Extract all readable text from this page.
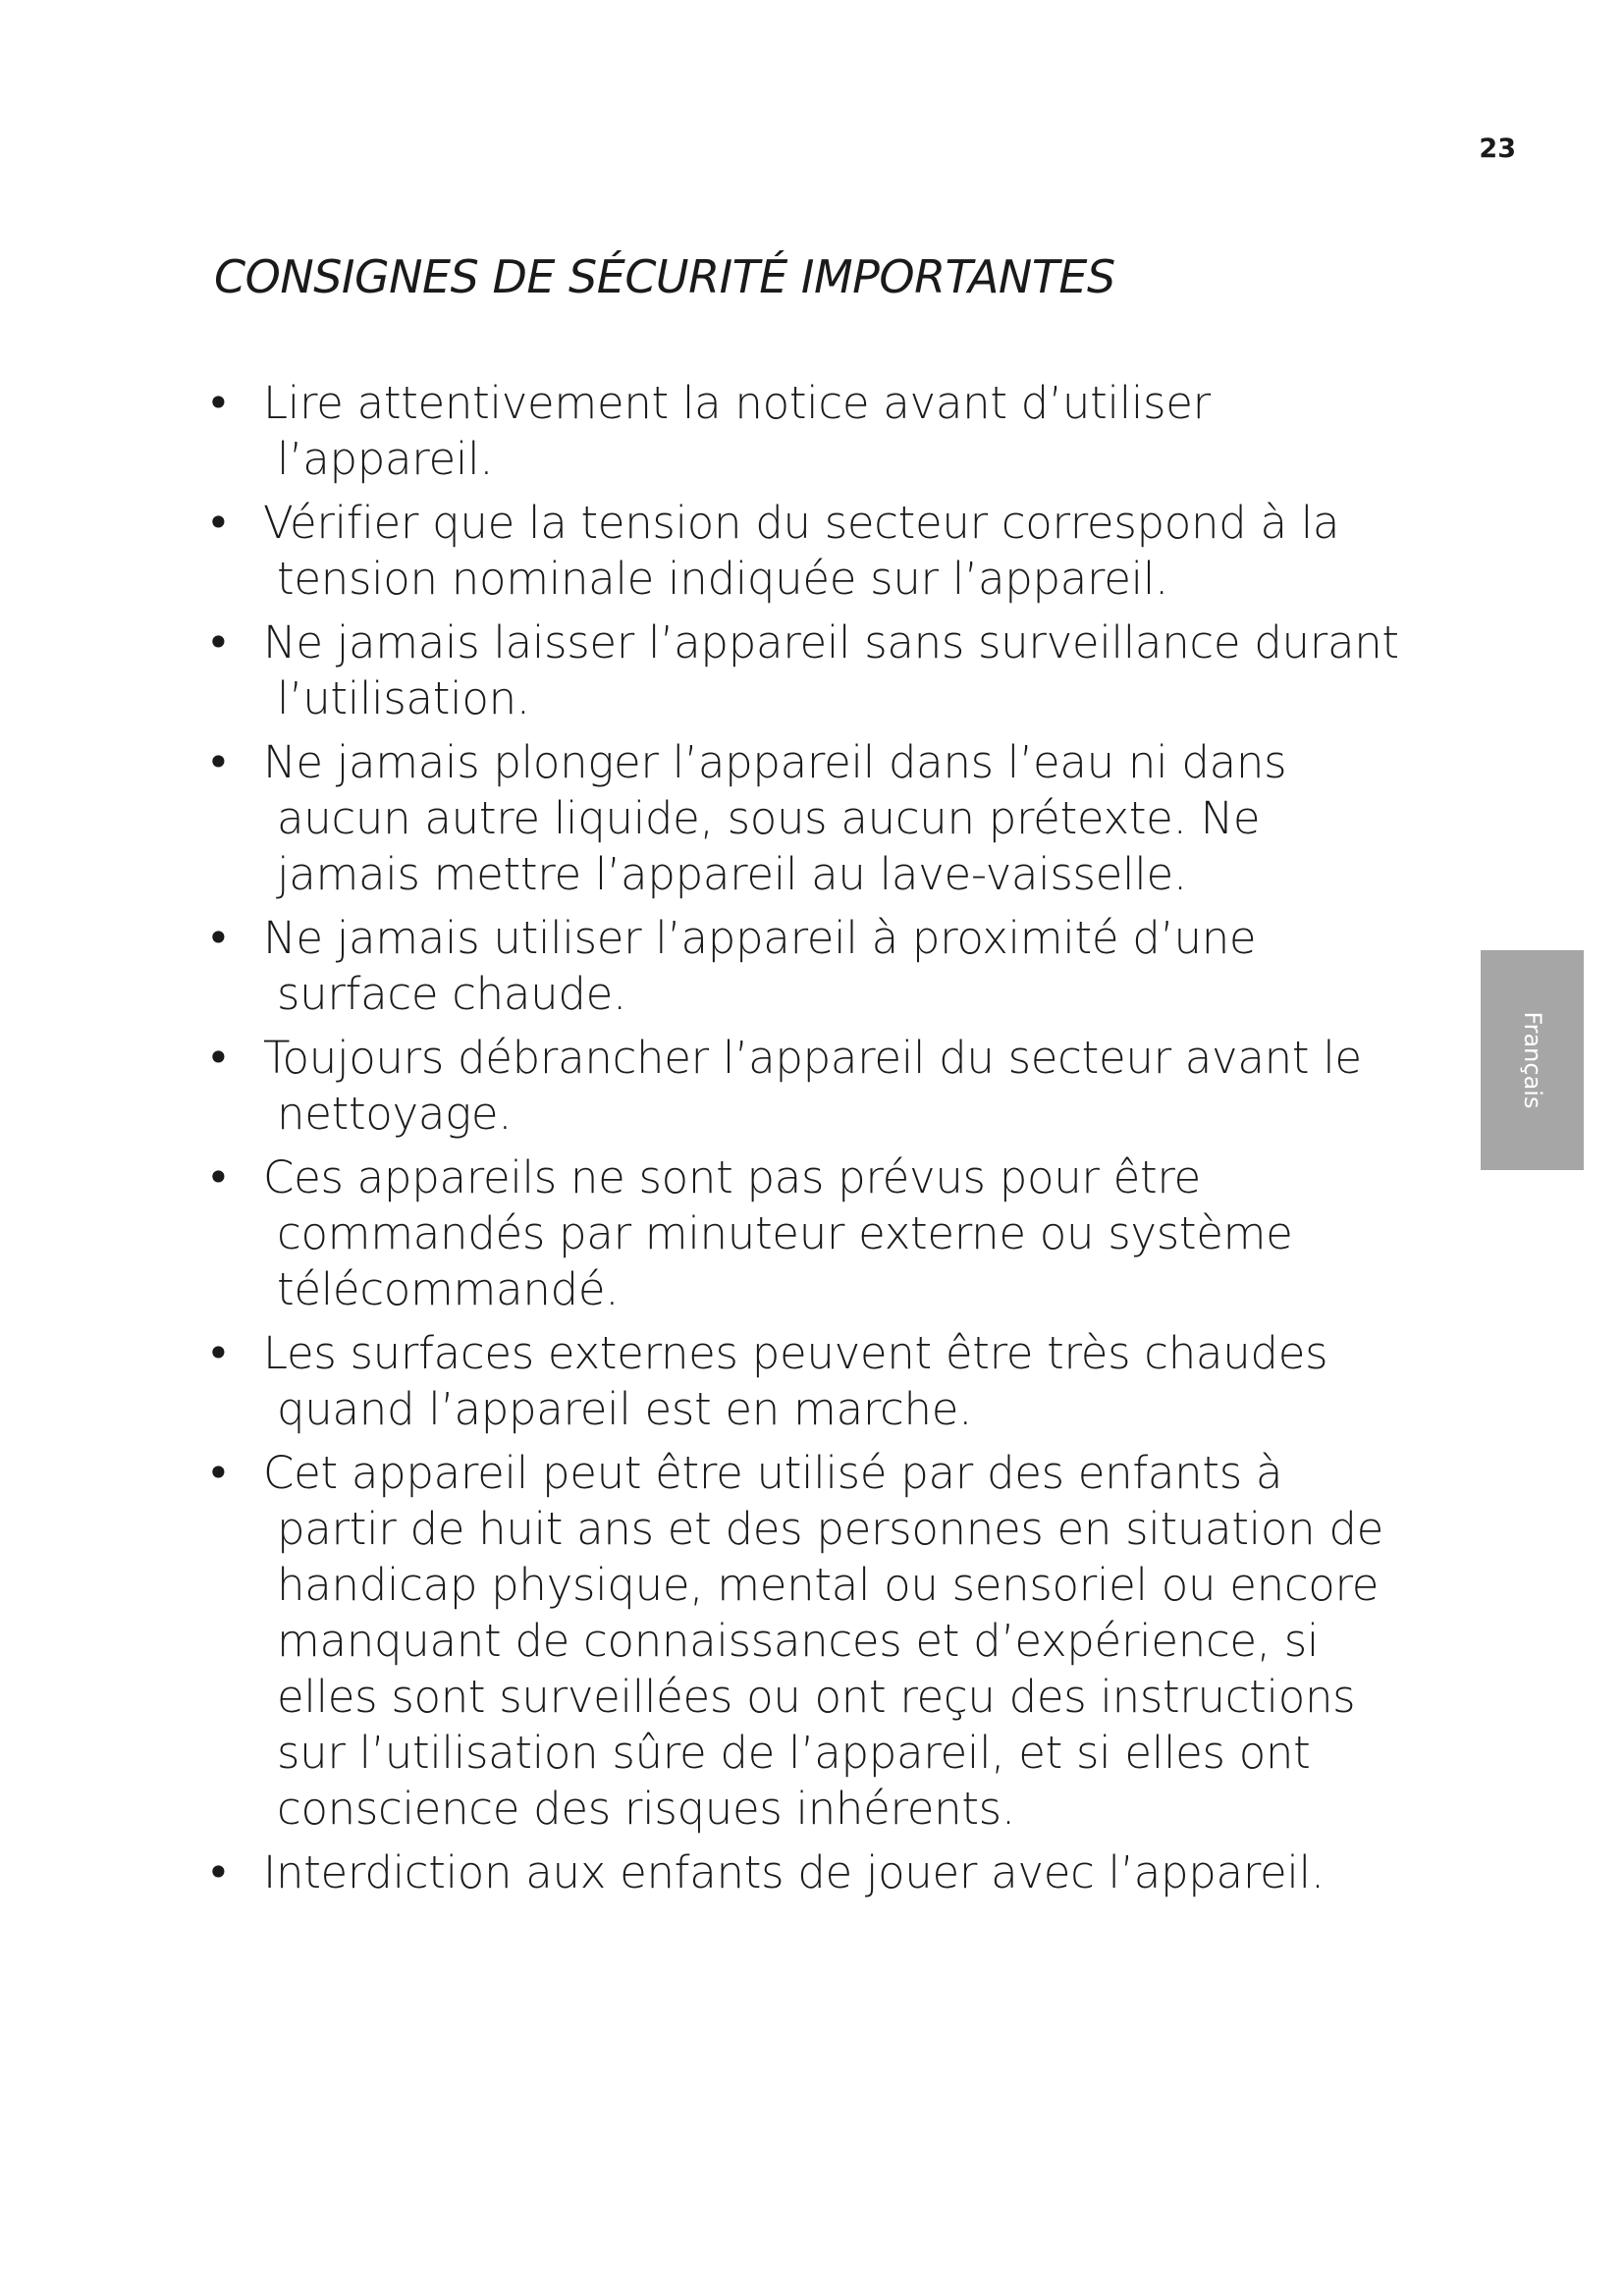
23
CONSIGNES DE SÉCURITÉ IMPORTANTES
• Lire attentivement la notice avant d’utiliser l’appareil.
• Vérifier que la tension du secteur correspond à la tension nominale indiquée sur l’appareil.
• Ne jamais laisser l’appareil sans surveillance durant l’utilisation.
• Ne jamais plonger l’appareil dans l’eau ni dans aucun autre liquide, sous aucun prétexte. Ne jamais mettre l’appareil au lave-vaisselle.
• Ne jamais utiliser l’appareil à proximité d’une surface chaude.
• Toujours débrancher l’appareil du secteur avant le nettoyage.
• Ces appareils ne sont pas prévus pour être commandés par minuteur externe ou système télécommandé.
• Les surfaces externes peuvent être très chaudes quand l’appareil est en marche.
• Cet appareil peut être utilisé par des enfants à partir de huit ans et des personnes en situation de handicap physique, mental ou sensoriel ou encore manquant de connaissances et d’expérience, si elles sont surveillées ou ont reçu des instructions sur l’utilisation sûre de l’appareil, et si elles ont conscience des risques inhérents.
• Interdiction aux enfants de jouer avec l’appareil.
Français
